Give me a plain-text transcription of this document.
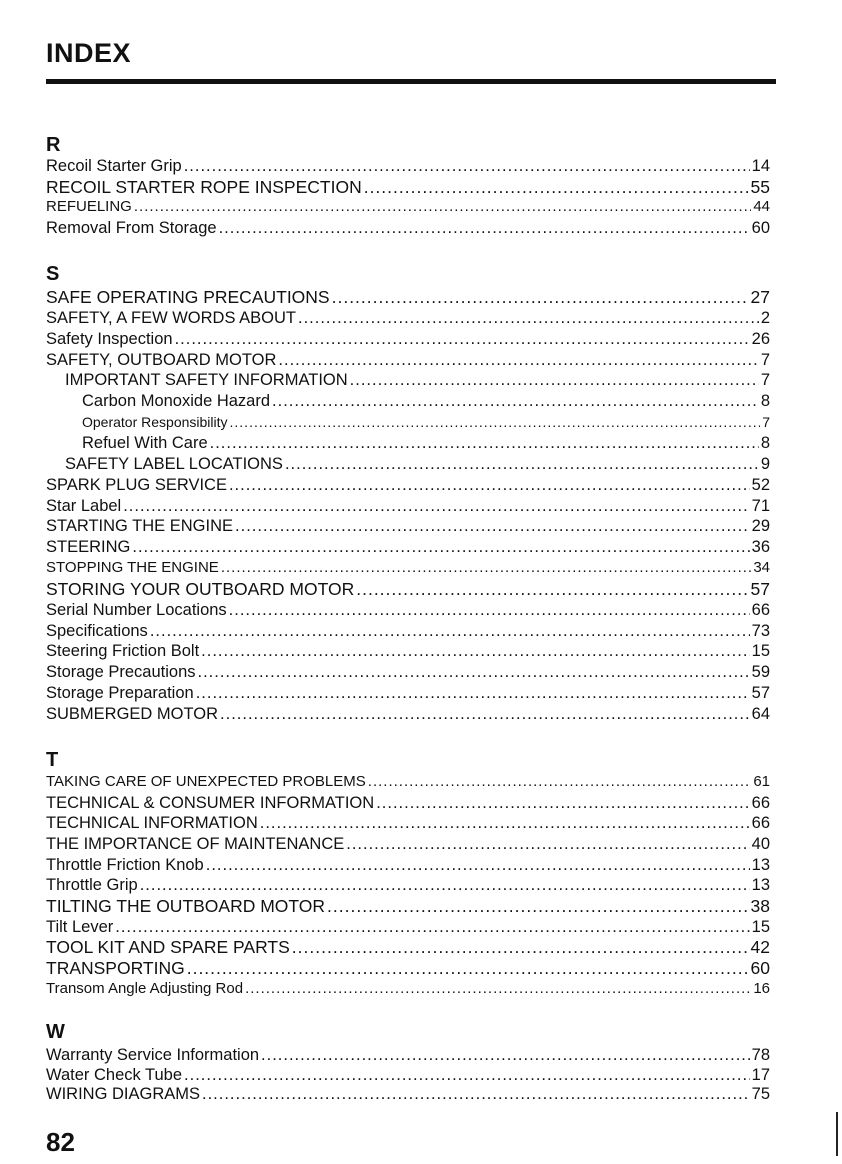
INDEX
R
Recoil Starter Grip .....	14
RECOIL STARTER ROPE INSPECTION .....	55
REFUELING .....	44
Removal From Storage .....	60
S
SAFE OPERATING PRECAUTIONS .....	27
SAFETY, A FEW WORDS ABOUT .....	2
Safety Inspection .....	26
SAFETY, OUTBOARD MOTOR .....	7
IMPORTANT SAFETY INFORMATION .....	7
Carbon Monoxide Hazard .....	8
Operator Responsibility .....	7
Refuel With Care .....	8
SAFETY LABEL LOCATIONS .....	9
SPARK PLUG SERVICE .....	52
Star Label .....	71
STARTING THE ENGINE .....	29
STEERING .....	36
STOPPING THE ENGINE .....	34
STORING YOUR OUTBOARD MOTOR .....	57
Serial Number Locations .....	66
Specifications .....	73
Steering Friction Bolt .....	15
Storage Precautions .....	59
Storage Preparation .....	57
SUBMERGED MOTOR .....	64
T
TAKING CARE OF UNEXPECTED PROBLEMS .....	61
TECHNICAL & CONSUMER INFORMATION .....	66
TECHNICAL INFORMATION .....	66
THE IMPORTANCE OF MAINTENANCE .....	40
Throttle Friction Knob .....	13
Throttle Grip .....	13
TILTING THE OUTBOARD MOTOR .....	38
Tilt Lever .....	15
TOOL KIT AND SPARE PARTS .....	42
TRANSPORTING .....	60
Transom Angle Adjusting Rod .....	16
W
Warranty Service Information .....	78
Water Check Tube .....	17
WIRING DIAGRAMS .....	75
82
